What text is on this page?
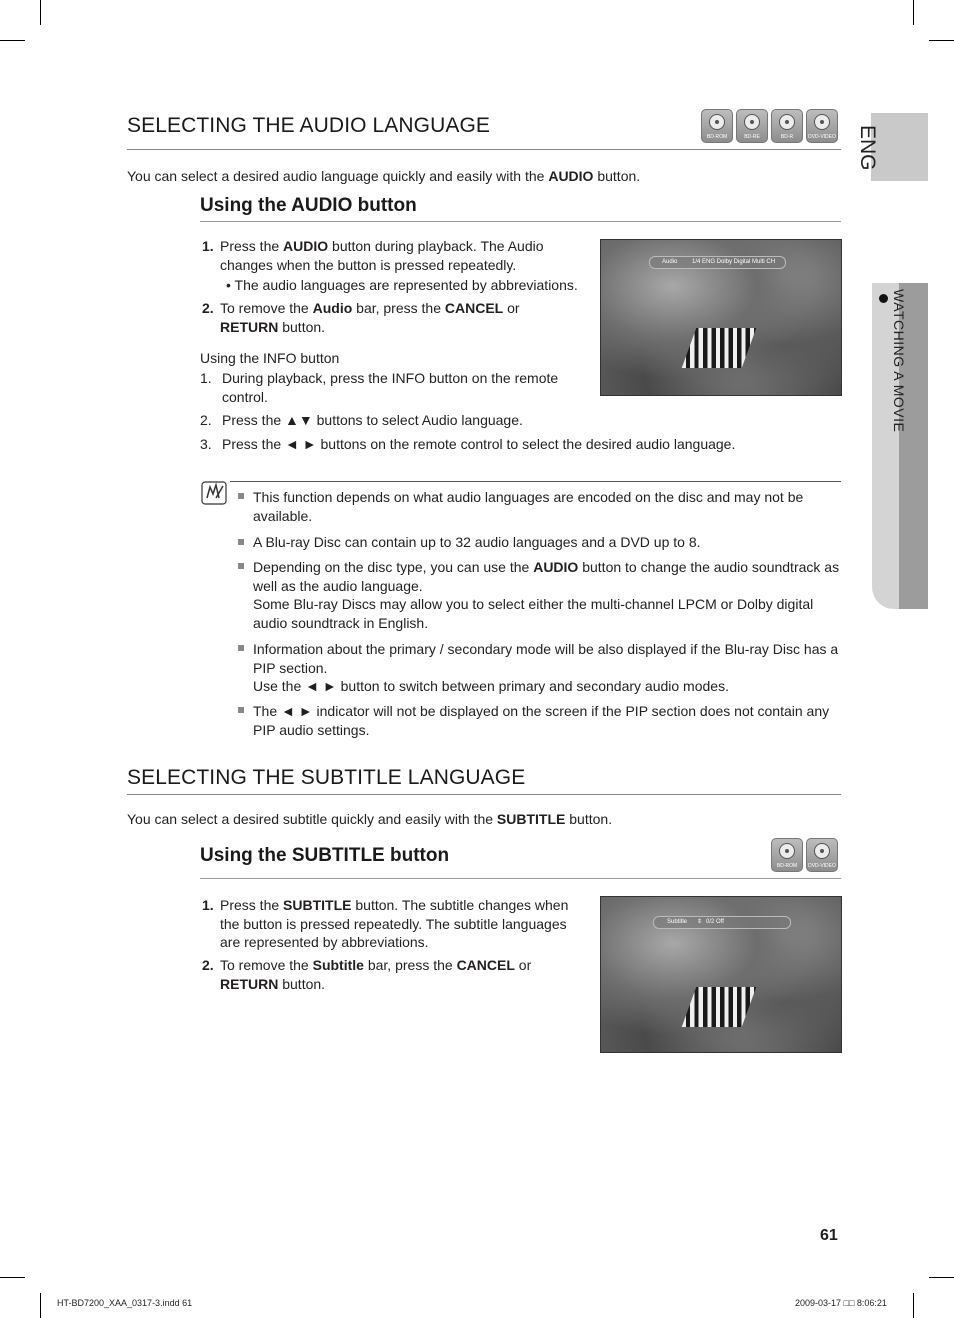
ENG
WATCHING A MOVIE
SELECTING THE AUDIO LANGUAGE	BD-ROM	BD-RE	BD-R	DVD-VIDEO

You can select a desired audio language quickly and easily with the AUDIO button.

Using the AUDIO button
1. Press the AUDIO button during playback. The Audio changes when the button is pressed repeatedly.
• The audio languages are represented by abbreviations.
2. To remove the Audio bar, press the CANCEL or
RETURN button.
Using the INFO button
1. During playback, press the INFO button on the remote control.
2. Press the ▲▼ buttons to select Audio language.
3. Press the ◄ ► buttons on the remote control to select the desired audio language.
Audio 1/4 ENG Dolby Digital Multi CH

This function depends on what audio languages are encoded on the disc and may not be available.

A Blu-ray Disc can contain up to 32 audio languages and a DVD up to 8.

Depending on the disc type, you can use the AUDIO button to change the audio soundtrack as well as the audio language.
Some Blu-ray Discs may allow you to select either the multi-channel LPCM or Dolby digital audio soundtrack in English.

Information about the primary / secondary mode will be also displayed if the Blu-ray Disc has a PIP section.
Use the ◄ ► button to switch between primary and secondary audio modes.

The ◄ ► indicator will not be displayed on the screen if the PIP section does not contain any PIP audio settings.

SELECTING THE SUBTITLE LANGUAGE

You can select a desired subtitle quickly and easily with the SUBTITLE button.

Using the SUBTITLE button	BD-ROM	DVD-VIDEO
1. Press the SUBTITLE button. The subtitle changes when the button is pressed repeatedly. The subtitle languages are represented by abbreviations.
2. To remove the Subtitle bar, press the CANCEL or
RETURN button.
Subtitle ⇕ 0/2 Off
61
HT-BD7200_XAA_0317-3.indd 61	2009-03-17 □□ 8:06:21
